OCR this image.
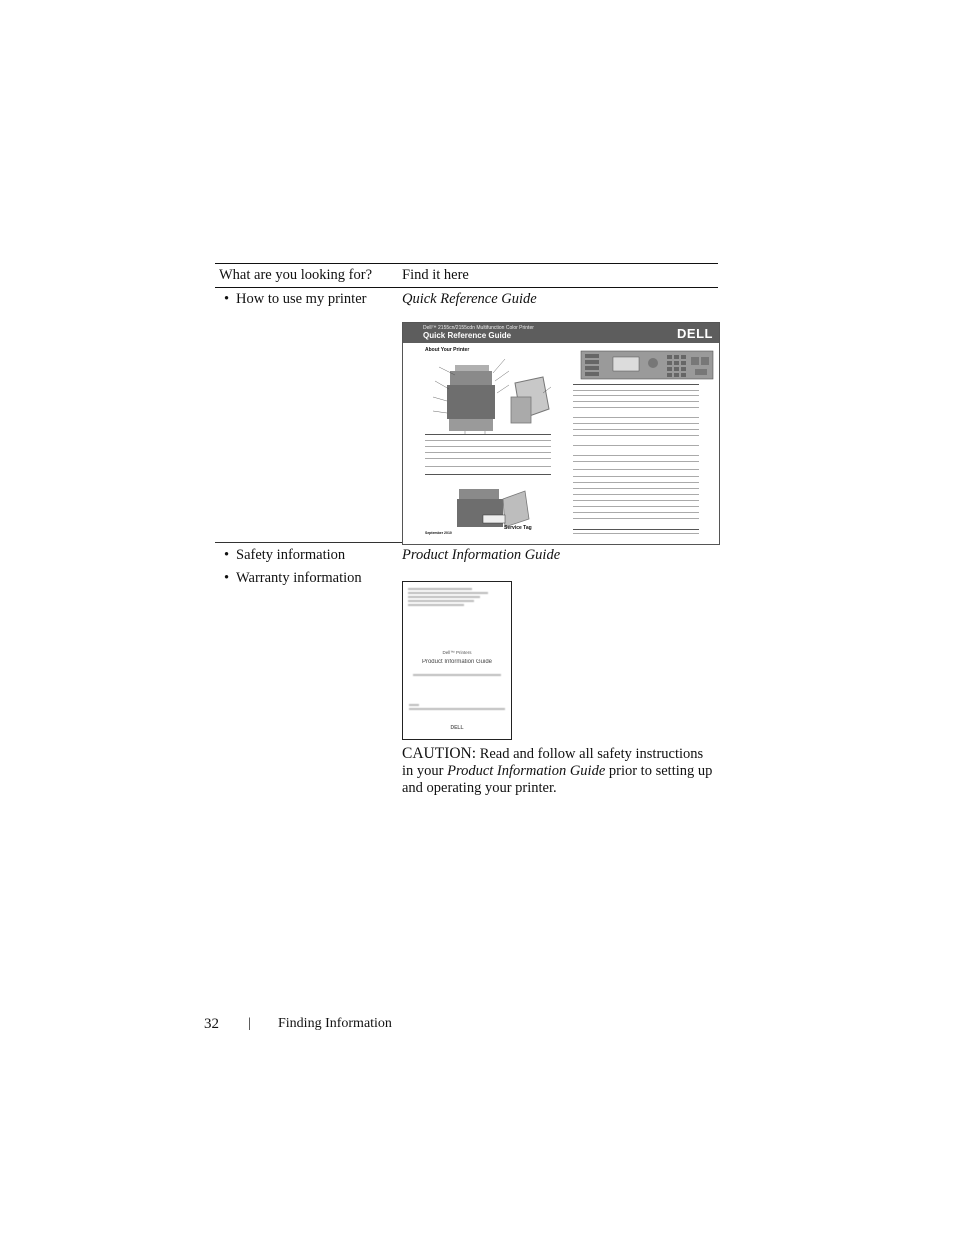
What are you looking for? Find it here
• How to use my printer Quick Reference Guide
Dell™ 2155cn/2155cdn Multifunction Color Printer
Quick Reference Guide	DELL
About Your Printer
Service Tag
September 2010
• Safety information
• Warranty information
Product Information Guide
Dell™ Printers
Product Information Guide
DELL
CAUTION: Read and follow all safety instructions in your Product Information Guide prior to setting up and operating your printer.
32 | Finding Information
